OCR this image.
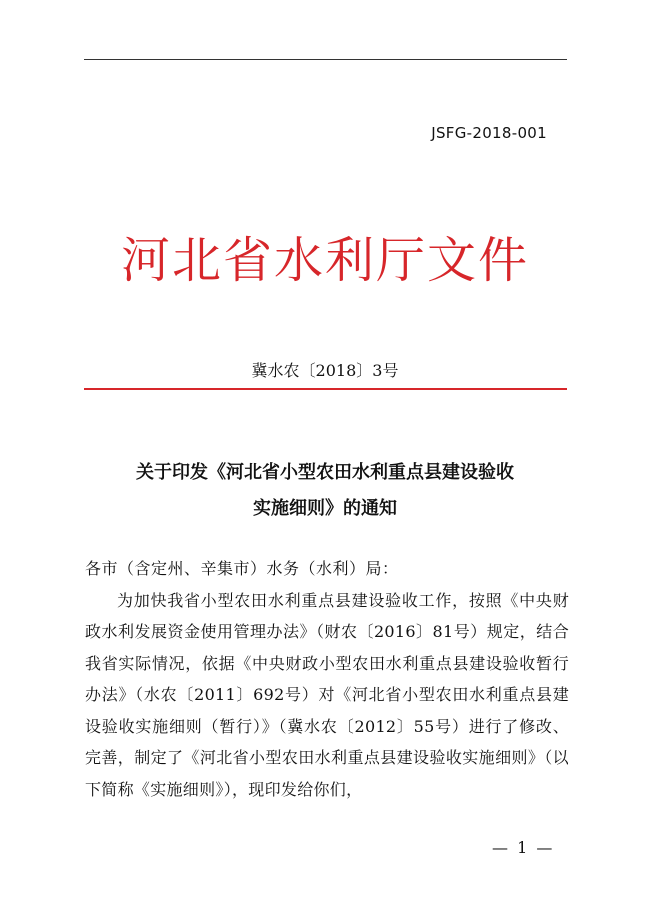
JSFG-2018-001
河北省水利厅文件
冀水农〔2018〕3号
关于印发《河北省小型农田水利重点县建设验收
实施细则》的通知

各市（含定州、辛集市）水务（水利）局：

为加快我省小型农田水利重点县建设验收工作，按照《中央财政水利发展资金使用管理办法》（财农〔2016〕81号）规定，结合我省实际情况，依据《中央财政小型农田水利重点县建设验收暂行办法》（水农〔2011〕692号）对《河北省小型农田水利重点县建设验收实施细则（暂行）》（冀水农〔2012〕55号）进行了修改、完善，制定了《河北省小型农田水利重点县建设验收实施细则》（以下简称《实施细则》），现印发给你们，

— 1 —
